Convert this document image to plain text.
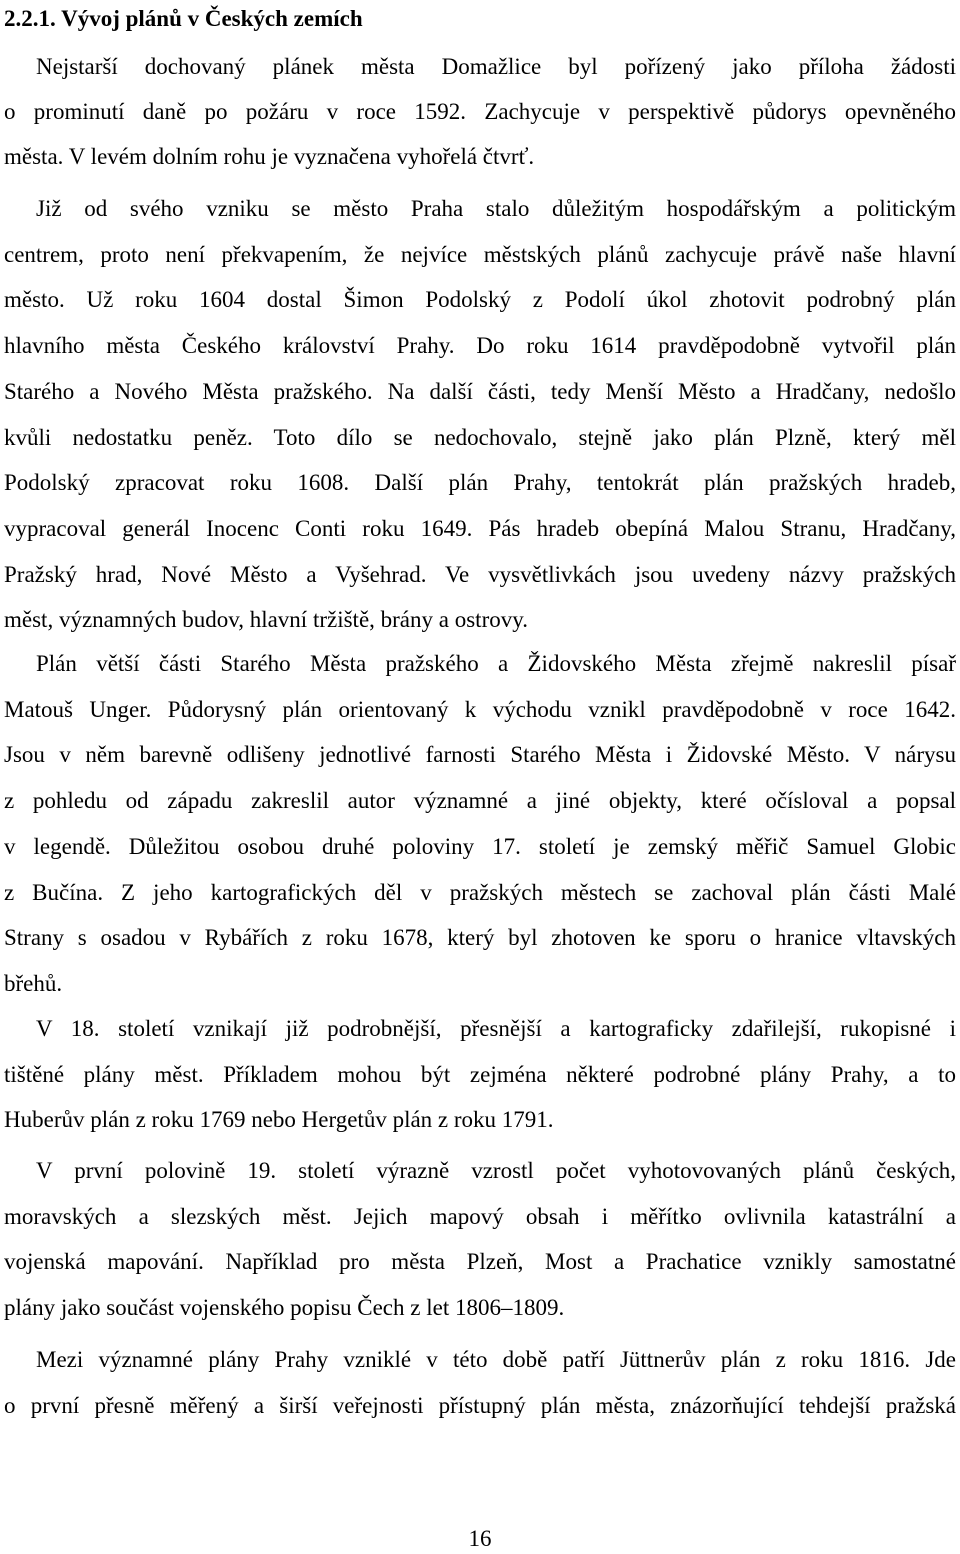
2.2.1. Vývoj plánů v Českých zemích

Nejstarší dochovaný plánek města Domažlice byl pořízený jako příloha žádosti
o prominutí daně po požáru v roce 1592. Zachycuje v perspektivě půdorys opevněného
města. V levém dolním rohu je vyznačena vyhořelá čtvrť.

Již od svého vzniku se město Praha stalo důležitým hospodářským a politickým
centrem, proto není překvapením, že nejvíce městských plánů zachycuje právě naše hlavní
město. Už roku 1604 dostal Šimon Podolský z Podolí úkol zhotovit podrobný plán
hlavního města Českého království Prahy. Do roku 1614 pravděpodobně vytvořil plán
Starého a Nového Města pražského. Na další části, tedy Menší Město a Hradčany, nedošlo
kvůli nedostatku peněz. Toto dílo se nedochovalo, stejně jako plán Plzně, který měl
Podolský zpracovat roku 1608. Další plán Prahy, tentokrát plán pražských hradeb,
vypracoval generál Inocenc Conti roku 1649. Pás hradeb obepíná Malou Stranu, Hradčany,
Pražský hrad, Nové Město a Vyšehrad. Ve vysvětlivkách jsou uvedeny názvy pražských
měst, významných budov, hlavní tržiště, brány a ostrovy.

Plán větší části Starého Města pražského a Židovského Města zřejmě nakreslil písař
Matouš Unger. Půdorysný plán orientovaný k východu vznikl pravděpodobně v roce 1642.
Jsou v něm barevně odlišeny jednotlivé farnosti Starého Města i Židovské Město. V nárysu
z pohledu od západu zakreslil autor významné a jiné objekty, které očísloval a popsal
v legendě. Důležitou osobou druhé poloviny 17. století je zemský měřič Samuel Globic
z Bučína. Z jeho kartografických děl v pražských městech se zachoval plán části Malé
Strany s osadou v Rybářích z roku 1678, který byl zhotoven ke sporu o hranice vltavských
břehů.

V 18. století vznikají již podrobnější, přesnější a kartograficky zdařilejší, rukopisné i
tištěné plány měst. Příkladem mohou být zejména některé podrobné plány Prahy, a to
Huberův plán z roku 1769 nebo Hergetův plán z roku 1791.

V první polovině 19. století výrazně vzrostl počet vyhotovovaných plánů českých,
moravských a slezských měst. Jejich mapový obsah i měřítko ovlivnila katastrální a
vojenská mapování. Například pro města Plzeň, Most a Prachatice vznikly samostatné
plány jako součást vojenského popisu Čech z let 1806–1809.

Mezi významné plány Prahy vzniklé v této době patří Jüttnerův plán z roku 1816. Jde
o první přesně měřený a širší veřejnosti přístupný plán města, znázorňující tehdejší pražská

16
